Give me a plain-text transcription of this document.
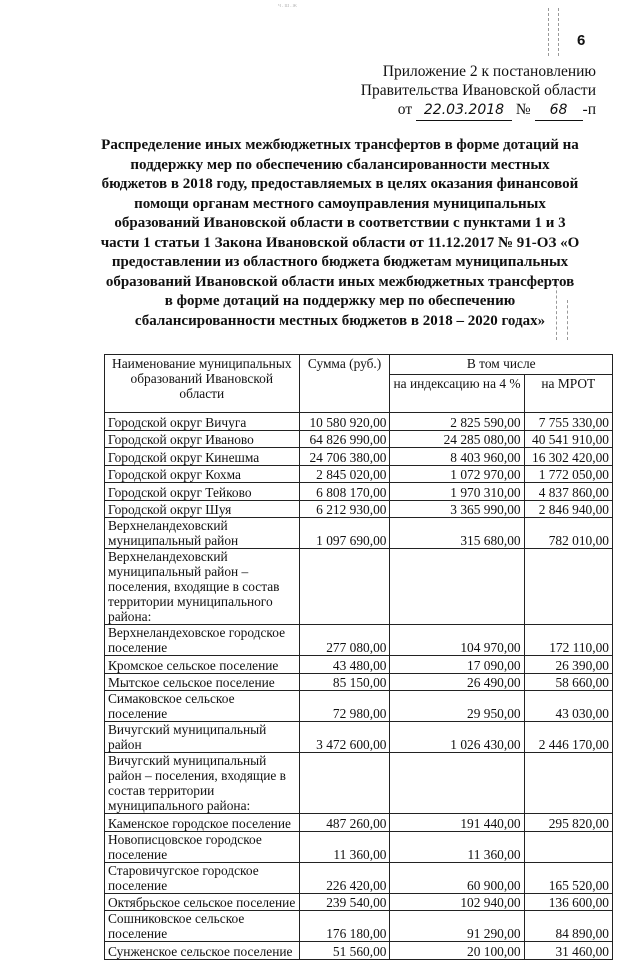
ч.ш.ж
6
Приложение 2 к постановлению
Правительства Ивановской области
от 22.03.2018 № 68 -п
Распределение иных межбюджетных трансфертов в форме дотаций на поддержку мер по обеспечению сбалансированности местных бюджетов в 2018 году, предоставляемых в целях оказания финансовой помощи органам местного самоуправления муниципальных образований Ивановской области в соответствии с пунктами 1 и 3 части 1 статьи 1 Закона Ивановской области от 11.12.2017 № 91-ОЗ «О предоставлении из областного бюджета бюджетам муниципальных образований Ивановской области иных межбюджетных трансфертов в форме дотаций на поддержку мер по обеспечению сбалансированности местных бюджетов в 2018 – 2020 годах»
Наименование муниципальных образований Ивановской области	Сумма (руб.)	В том числе	
		на индексацию на 4 %	на МРОТ
Городской округ Вичуга	10 580 920,00	2 825 590,00	7 755 330,00
Городской округ Иваново	64 826 990,00	24 285 080,00	40 541 910,00
Городской округ Кинешма	24 706 380,00	8 403 960,00	16 302 420,00
Городской округ Кохма	2 845 020,00	1 072 970,00	1 772 050,00
Городской округ Тейково	6 808 170,00	1 970 310,00	4 837 860,00
Городской округ Шуя	6 212 930,00	3 365 990,00	2 846 940,00
Верхнеландеховский муниципальный район	1 097 690,00	315 680,00	782 010,00
Верхнеландеховский муниципальный район – поселения, входящие в состав территории муниципального района:			
Верхнеландеховское городское поселение	277 080,00	104 970,00	172 110,00
Кромское сельское поселение	43 480,00	17 090,00	26 390,00
Мытское сельское поселение	85 150,00	26 490,00	58 660,00
Симаковское сельское поселение	72 980,00	29 950,00	43 030,00
Вичугский муниципальный район	3 472 600,00	1 026 430,00	2 446 170,00
Вичугский муниципальный район – поселения, входящие в состав территории муниципального района:			
Каменское городское поселение	487 260,00	191 440,00	295 820,00
Новописцовское городское поселение	11 360,00	11 360,00	
Старовичугское городское поселение	226 420,00	60 900,00	165 520,00
Октябрьское сельское поселение	239 540,00	102 940,00	136 600,00
Сошниковское сельское поселение	176 180,00	91 290,00	84 890,00
Сунженское сельское поселение	51 560,00	20 100,00	31 460,00
